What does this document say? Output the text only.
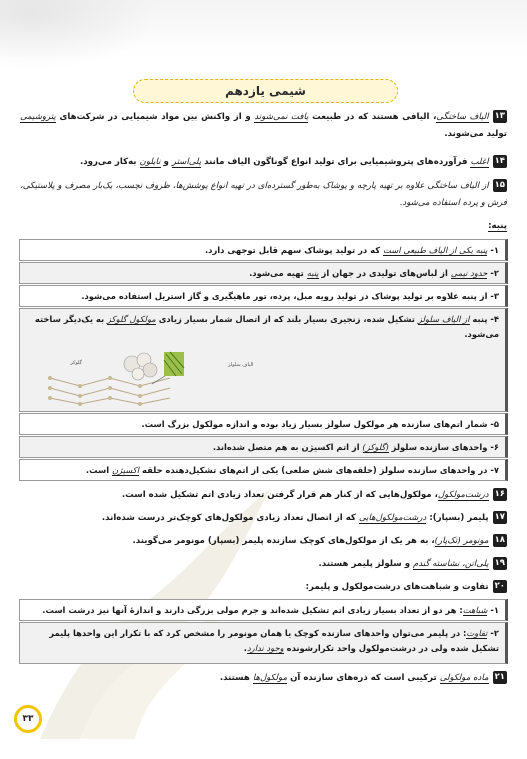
شیمی یازدهم
۱۳الیاف ساختگی، الیافی هستند که در طبیعت یافت نمی‌شوند و از واکنش بین مواد شیمیایی در شرکت‌های پتروشیمی تولید می‌شوند.
۱۴اغلب فرآورده‌های پتروشیمیایی برای تولید انواع گوناگون الیاف مانند پلی‌استر و نایلون به‌کار می‌رود.
۱۵از الیاف ساختگی علاوه بر تهیه پارچه و پوشاک به‌طور گسترده‌ای در تهیه انواع پوشش‌ها، ظروف نچسب، یک‌بار مصرف و پلاستیکی، فرش و پرده استفاده می‌شود.
پنبه:
۱- پنبه یکی از الیاف طبیعی است که در تولید پوشاک سهم قابل توجهی دارد.
۲- حدود نیمی از لباس‌های تولیدی در جهان از پنبه تهیه می‌شود.
۳- از پنبه علاوه بر تولید پوشاک در تولید رویه مبل، پرده، تور ماهیگیری و گاز استریل استفاده می‌شود.
۴- پنبه از الیاف سلولز تشکیل شده، زنجیری بسیار بلند که از اتصال شمار بسیار زیادی مولکول گلوکز به یک‌دیگر ساخته می‌شود.
گلوکز	الیاف سلولز
۵- شمار اتم‌های سازنده هر مولکول سلولز بسیار زیاد بوده و اندازه مولکول بزرگ است.
۶- واحدهای سازنده سلولز (گلوکز) از اتم اکسیژن به هم متصل شده‌اند.
۷- در واحدهای سازنده سلولز (حلقه‌های شش ضلعی) یکی از اتم‌های تشکیل‌دهنده حلقه اکسیژن است.
۱۶درشت‌مولکول، مولکول‌هایی که از کنار هم قرار گرفتن تعداد زیادی اتم تشکیل شده است.
۱۷پلیمر (بسپار): درشت‌مولکول‌هایی که از اتصال تعداد زیادی مولکول‌های کوچک‌تر درست شده‌اند.
۱۸مونومر (تک‌پار)، به هر یک از مولکول‌های کوچک سازنده پلیمر (بسپار) مونومر می‌گویند.
۱۹پلی‌اتن، نشاسته گندم و سلولز پلیمر هستند.
۲۰تفاوت و شباهت‌های درشت‌مولکول و پلیمر:
۱- شباهت: هر دو از تعداد بسیار زیادی اتم تشکیل شده‌اند و جرم مولی بزرگی دارند و اندازهٔ آنها نیز درشت است.
۲- تفاوت: در پلیمر می‌توان واحدهای سازنده کوچک یا همان مونومر را مشخص کرد که با تکرار این واحدها پلیمر تشکیل شده ولی در درشت‌مولکول واحد تکرارشونده وجود ندارد.
۲۱ماده مولکولی ترکیبی است که ذره‌های سازنده آن مولکول‌ها هستند.
۳۳
